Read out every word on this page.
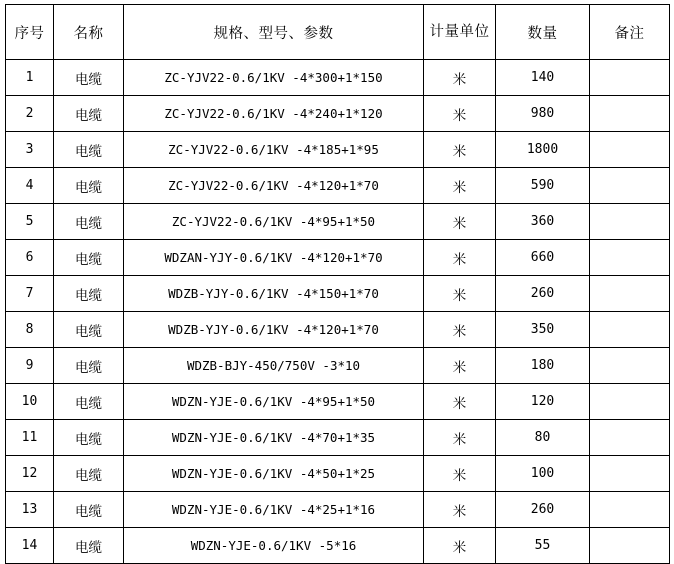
序号	名称	规格、型号、参数	计量单位	数量	备注
1	电缆	ZC-YJV22-0.6/1KV -4*300+1*150	米	140	
2	电缆	ZC-YJV22-0.6/1KV -4*240+1*120	米	980	
3	电缆	ZC-YJV22-0.6/1KV -4*185+1*95	米	1800	
4	电缆	ZC-YJV22-0.6/1KV -4*120+1*70	米	590	
5	电缆	ZC-YJV22-0.6/1KV -4*95+1*50	米	360	
6	电缆	WDZAN-YJY-0.6/1KV -4*120+1*70	米	660	
7	电缆	WDZB-YJY-0.6/1KV -4*150+1*70	米	260	
8	电缆	WDZB-YJY-0.6/1KV -4*120+1*70	米	350	
9	电缆	WDZB-BJY-450/750V -3*10	米	180	
10	电缆	WDZN-YJE-0.6/1KV -4*95+1*50	米	120	
11	电缆	WDZN-YJE-0.6/1KV -4*70+1*35	米	80	
12	电缆	WDZN-YJE-0.6/1KV -4*50+1*25	米	100	
13	电缆	WDZN-YJE-0.6/1KV -4*25+1*16	米	260	
14	电缆	WDZN-YJE-0.6/1KV -5*16	米	55	
